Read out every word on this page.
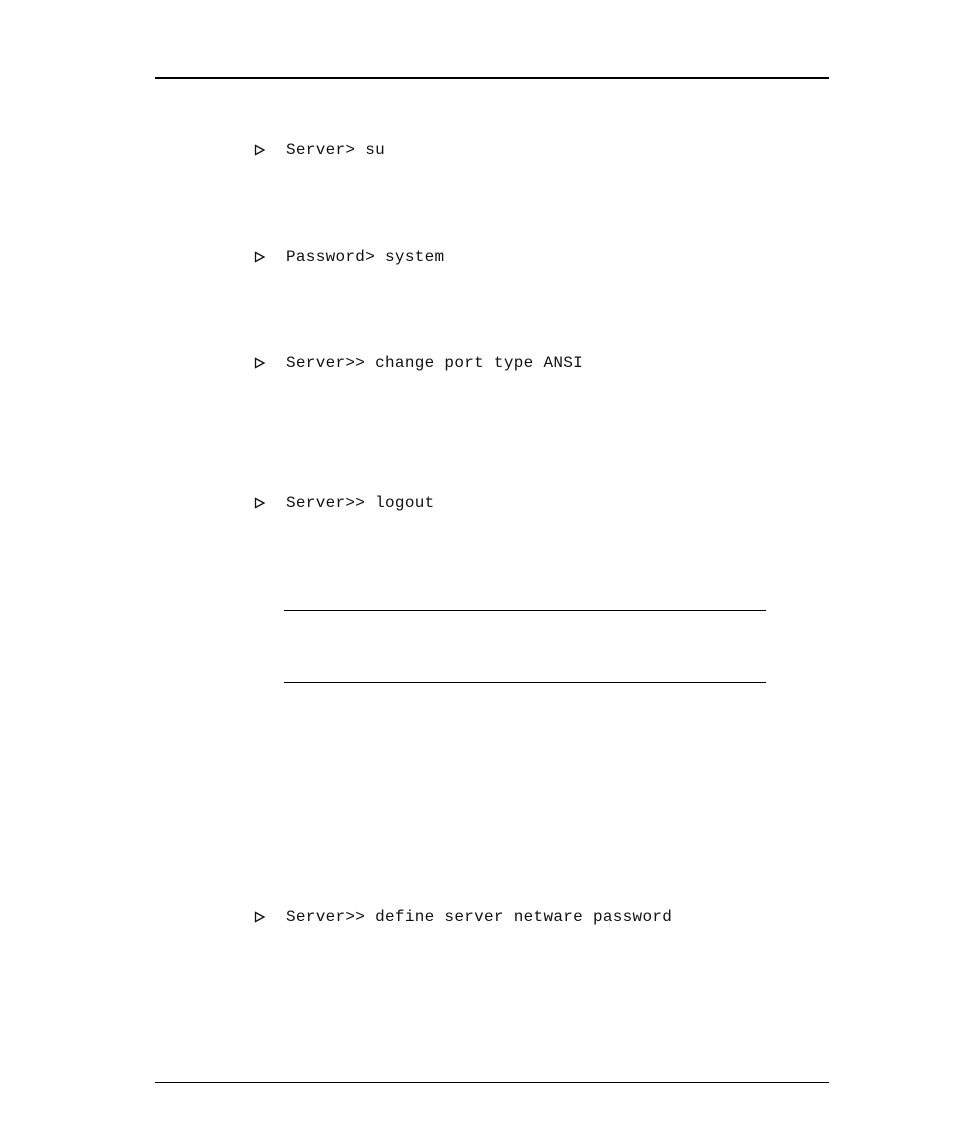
Server> su
Password> system
Server>> change port type ANSI
Server>> logout
Server>> define server netware password
